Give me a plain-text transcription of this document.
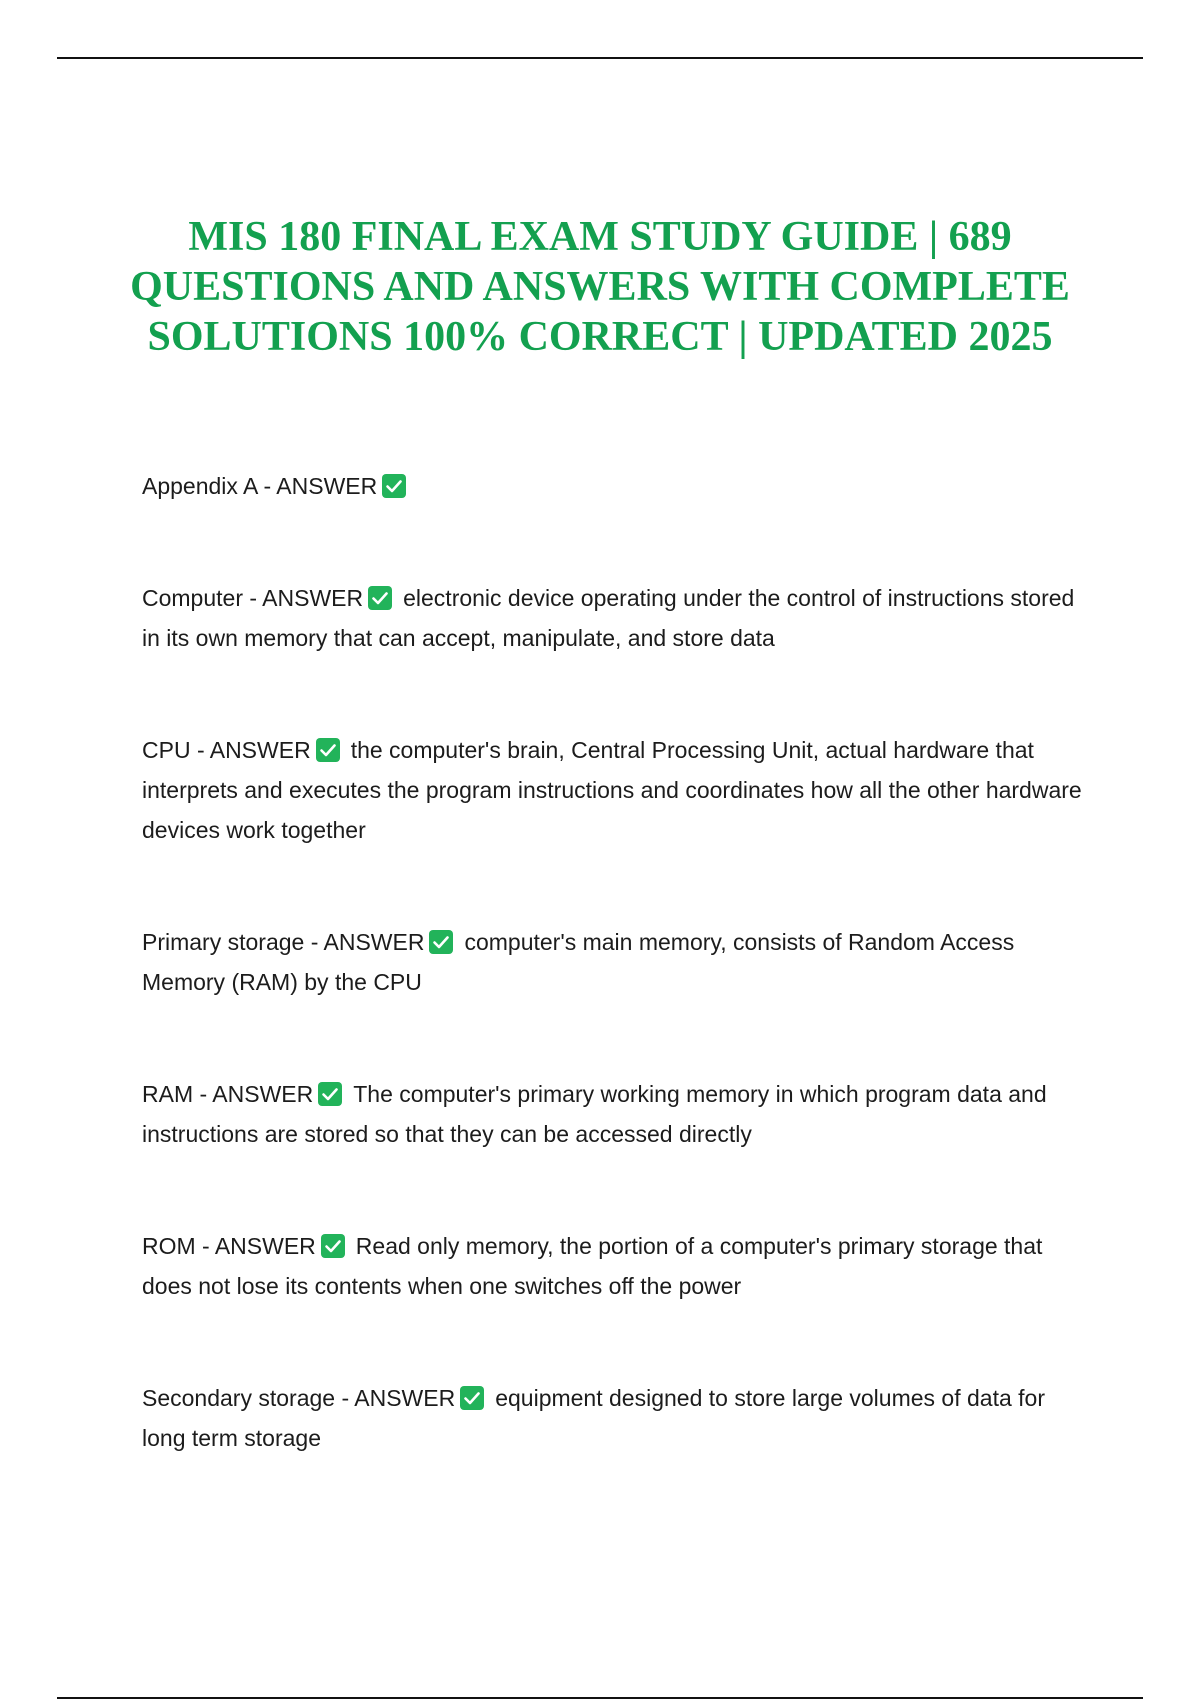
MIS 180 FINAL EXAM STUDY GUIDE | 689 QUESTIONS AND ANSWERS WITH COMPLETE SOLUTIONS 100% CORRECT | UPDATED 2025

Appendix A - ANSWER

Computer - ANSWER electronic device operating under the control of instructions stored in its own memory that can accept, manipulate, and store data

CPU - ANSWER the computer's brain, Central Processing Unit, actual hardware that interprets and executes the program instructions and coordinates how all the other hardware devices work together

Primary storage - ANSWER computer's main memory, consists of Random Access Memory (RAM) by the CPU

RAM - ANSWER The computer's primary working memory in which program data and instructions are stored so that they can be accessed directly

ROM - ANSWER Read only memory, the portion of a computer's primary storage that does not lose its contents when one switches off the power

Secondary storage - ANSWER equipment designed to store large volumes of data for long term storage
